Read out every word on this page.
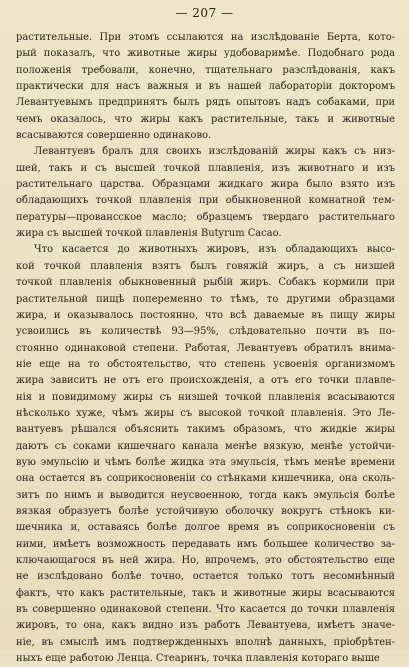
— 207 —
растительные. При этомъ ссылаются на изслѣдованіе Берта, кото-
рый показалъ, что животные жиры удобоваримѣе. Подобнаго рода
положенія требовали, конечно, тщательнаго разслѣдованія, какъ
практически для насъ важныя и въ нашей лабораторіи докторомъ
Левантуевымъ предпринятъ былъ рядъ опытовъ надъ собаками, при
чемъ оказалось, что жиры какъ растительные, такъ и животные
всасываются совершенно одинаково.
Левантуевъ бралъ для своихъ изслѣдованій жиры какъ съ низ-
шей, такъ и съ высшей точкой плавленія, изъ животнаго и изъ
растительнаго царства. Образцами жидкаго жира было взято изъ
обладающихъ точкой плавленія при обыкновенной комнатной тем-
пературы—провансское масло; образцемъ твердаго растительнаго
жира съ высшей точкой плавленія Butyrum Cacao.
Что касается до животныхъ жировъ, изъ обладающихъ высо-
кой точкой плавленія взятъ былъ говяжій жиръ, а съ низшей
точкой плавленія обыкновенный рыбій жиръ. Собакъ кормили при
растительной пищѣ попеременно то тѣмъ, то другими образцами
жира, и оказывалось постоянно, что всѣ даваемые въ пищу жиры
усвоились въ количествѣ 93—95%, слѣдовательно почти въ по-
стоянно одинаковой степени. Работая, Левантуевъ обратилъ внима-
ніе еще на то обстоятельство, что степень усвоенія организмомъ
жира зависитъ не отъ его происхожденія, а отъ его точки плавле-
нія и повидимому жиры съ низшей точкой плавленія всасываются
нѣсколько хуже, чѣмъ жиры съ высокой точкой плавленія. Это Ле-
вантуевъ рѣшался объяснить такимъ образомъ, что жидкіе жиры
даютъ съ соками кишечнаго канала менѣе вязкую, менѣе устойчи-
вую эмульсію и чѣмъ болѣе жидка эта эмульсія, тѣмъ менѣе времени
она остается въ соприкосновеніи со стѣнками кишечника, она сколь-
зитъ по нимъ и выводится неусвоенною, тогда какъ эмульсія болѣе
вязкая образуетъ болѣе устойчивую оболочку вокругъ стѣнокъ ки-
шечника и, оставаясь болѣе долгое время въ соприкосновеніи съ
ними, имѣетъ возможность передавать имъ большее количество за-
ключающагося въ ней жира. Но, впрочемъ, это обстоятельство еще
не изслѣдовано болѣе точно, остается только тотъ несомнѣнный
фактъ, что какъ растительные, такъ и животные жиры всасываются
въ совершенно одинаковой степени. Что касается до точки плавленія
жировъ, то она, какъ видно изъ работъ Левантуева, имѣетъ значе-
ніе, въ смыслѣ имъ подтвержденныхъ вполнѣ данныхъ, пріобрѣтен-
ныхъ еще работою Ленца. Стеаринъ, точка плавленія котораго выше
